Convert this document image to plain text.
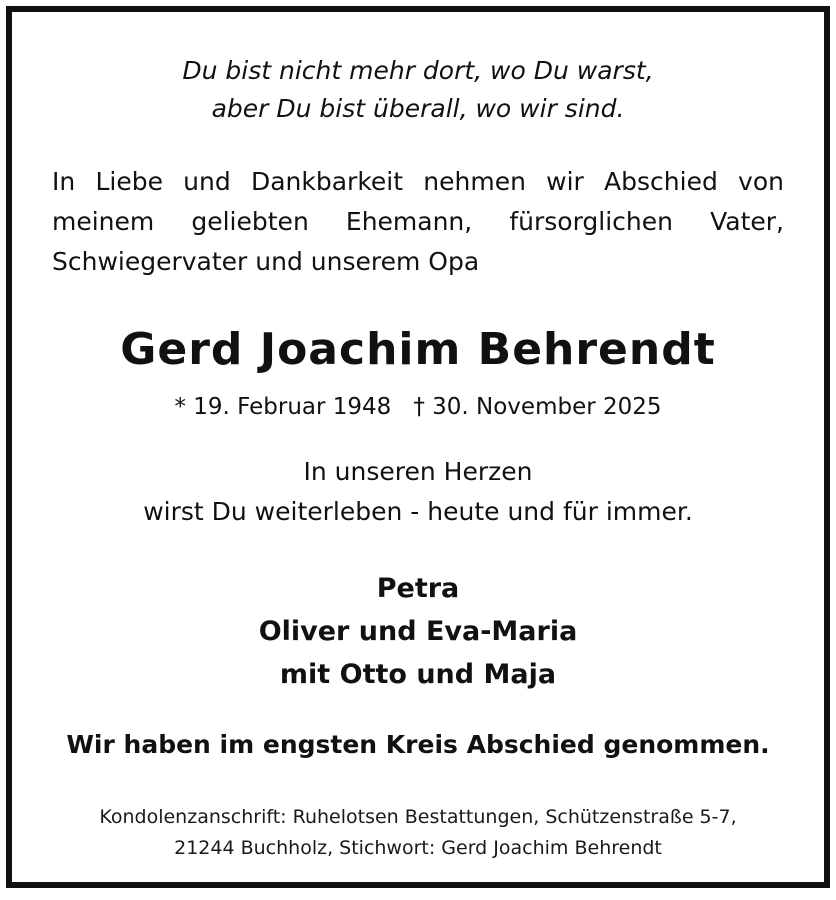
Du bist nicht mehr dort, wo Du warst,
aber Du bist überall, wo wir sind.
In Liebe und Dankbarkeit nehmen wir Abschied von
meinem geliebten Ehemann, fürsorglichen Vater,
Schwiegervater und unserem Opa
Gerd Joachim Behrendt
* 19. Februar 1948 † 30. November 2025
In unseren Herzen
wirst Du weiterleben - heute und für immer.
Petra
Oliver und Eva-Maria
mit Otto und Maja
Wir haben im engsten Kreis Abschied genommen.
Kondolenzanschrift: Ruhelotsen Bestattungen, Schützenstraße 5-7,
21244 Buchholz, Stichwort: Gerd Joachim Behrendt
